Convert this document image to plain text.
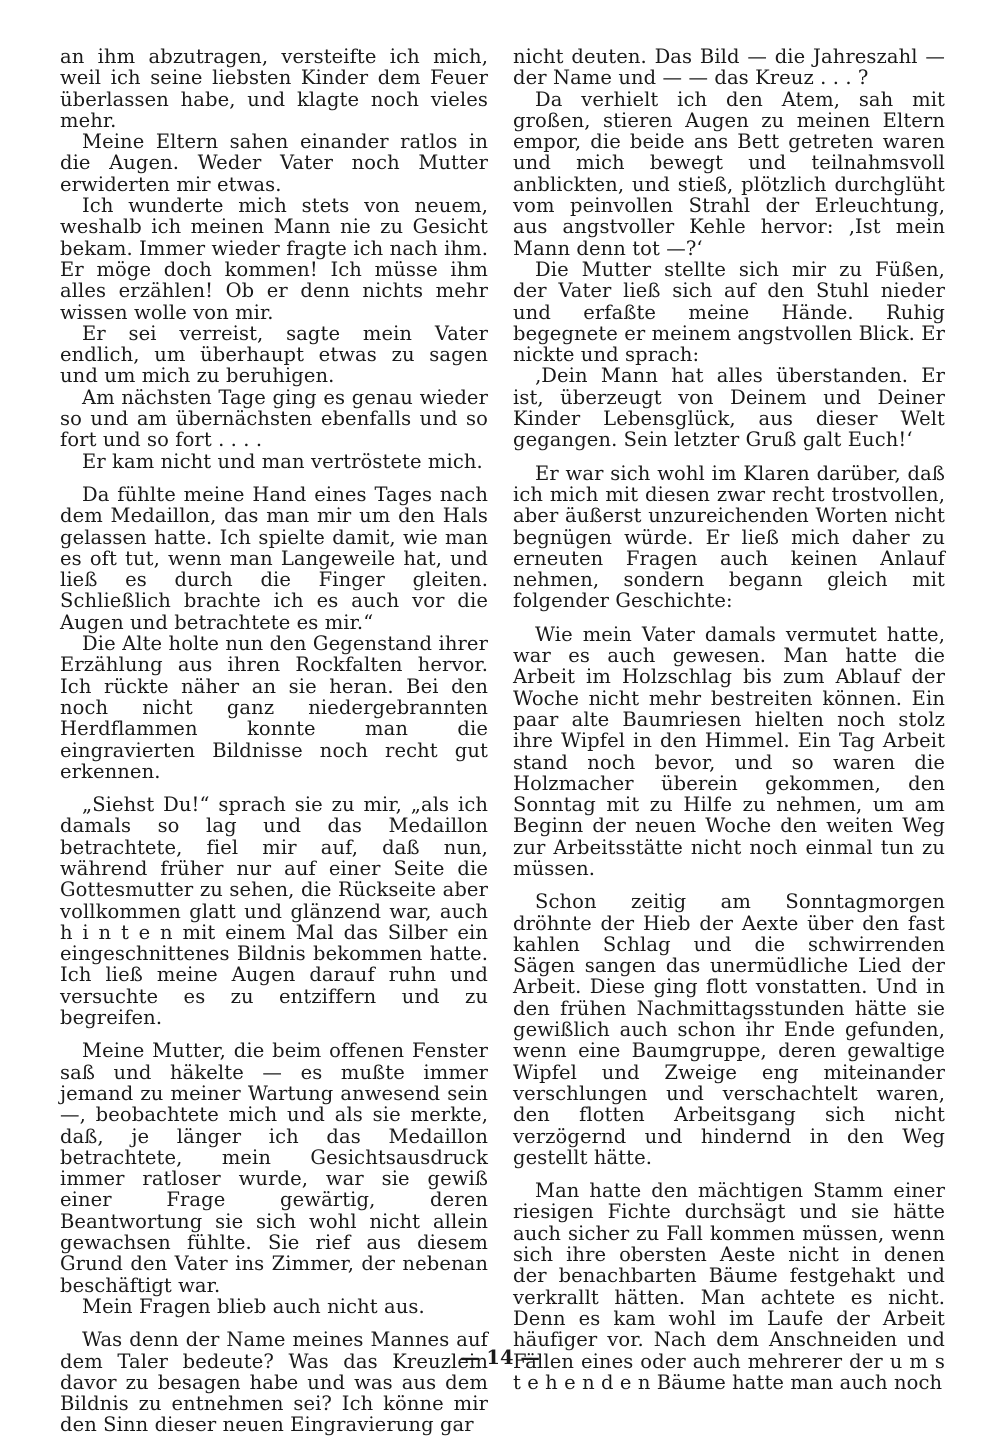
an ihm abzutragen, versteifte ich mich, weil ich seine liebsten Kinder dem Feuer überlassen habe, und klagte noch vieles mehr.

Meine Eltern sahen einander ratlos in die Augen. Weder Vater noch Mutter erwiderten mir etwas.

Ich wunderte mich stets von neuem, weshalb ich meinen Mann nie zu Gesicht bekam. Immer wieder fragte ich nach ihm. Er möge doch kommen! Ich müsse ihm alles erzählen! Ob er denn nichts mehr wissen wolle von mir.

Er sei verreist, sagte mein Vater endlich, um überhaupt etwas zu sagen und um mich zu beruhigen.

Am nächsten Tage ging es genau wieder so und am übernächsten ebenfalls und so fort und so fort . . . .

Er kam nicht und man vertröstete mich.

Da fühlte meine Hand eines Tages nach dem Medaillon, das man mir um den Hals gelassen hatte. Ich spielte damit, wie man es oft tut, wenn man Langeweile hat, und ließ es durch die Finger gleiten. Schließlich brachte ich es auch vor die Augen und betrachtete es mir.“

Die Alte holte nun den Gegenstand ihrer Erzählung aus ihren Rockfalten hervor. Ich rückte näher an sie heran. Bei den noch nicht ganz niedergebrannten Herdflammen konnte man die eingravierten Bildnisse noch recht gut erkennen.

„Siehst Du!“ sprach sie zu mir, „als ich damals so lag und das Medaillon betrachtete, fiel mir auf, daß nun, während früher nur auf einer Seite die Gottesmutter zu sehen, die Rückseite aber vollkommen glatt und glänzend war, auch h i n t e n mit einem Mal das Silber ein eingeschnittenes Bildnis bekommen hatte. Ich ließ meine Augen darauf ruhn und versuchte es zu entziffern und zu begreifen.

Meine Mutter, die beim offenen Fenster saß und häkelte — es mußte immer jemand zu meiner Wartung anwesend sein —, beobachtete mich und als sie merkte, daß, je länger ich das Medaillon betrachtete, mein Gesichtsausdruck immer ratloser wurde, war sie gewiß einer Frage gewärtig, deren Beantwortung sie sich wohl nicht allein gewachsen fühlte. Sie rief aus diesem Grund den Vater ins Zimmer, der nebenan beschäftigt war.

Mein Fragen blieb auch nicht aus.

Was denn der Name meines Mannes auf dem Taler bedeute? Was das Kreuzlein davor zu besagen habe und was aus dem Bildnis zu entnehmen sei? Ich könne mir den Sinn dieser neuen Eingravierung gar

nicht deuten. Das Bild — die Jahreszahl — der Name und — — das Kreuz . . . ?

Da verhielt ich den Atem, sah mit großen, stieren Augen zu meinen Eltern empor, die beide ans Bett getreten waren und mich bewegt und teilnahmsvoll anblickten, und stieß, plötzlich durchglüht vom peinvollen Strahl der Erleuchtung, aus angstvoller Kehle hervor: ‚Ist mein Mann denn tot —?‘

Die Mutter stellte sich mir zu Füßen, der Vater ließ sich auf den Stuhl nieder und erfaßte meine Hände. Ruhig begegnete er meinem angstvollen Blick. Er nickte und sprach:

‚Dein Mann hat alles überstanden. Er ist, überzeugt von Deinem und Deiner Kinder Lebensglück, aus dieser Welt gegangen. Sein letzter Gruß galt Euch!‘

Er war sich wohl im Klaren darüber, daß ich mich mit diesen zwar recht trostvollen, aber äußerst unzureichenden Worten nicht begnügen würde. Er ließ mich daher zu erneuten Fragen auch keinen Anlauf nehmen, sondern begann gleich mit folgender Geschichte:

Wie mein Vater damals vermutet hatte, war es auch gewesen. Man hatte die Arbeit im Holzschlag bis zum Ablauf der Woche nicht mehr bestreiten können. Ein paar alte Baumriesen hielten noch stolz ihre Wipfel in den Himmel. Ein Tag Arbeit stand noch bevor, und so waren die Holzmacher überein gekommen, den Sonntag mit zu Hilfe zu nehmen, um am Beginn der neuen Woche den weiten Weg zur Arbeitsstätte nicht noch einmal tun zu müssen.

Schon zeitig am Sonntagmorgen dröhnte der Hieb der Aexte über den fast kahlen Schlag und die schwirrenden Sägen sangen das unermüdliche Lied der Arbeit. Diese ging flott vonstatten. Und in den frühen Nachmittagsstunden hätte sie gewißlich auch schon ihr Ende gefunden, wenn eine Baumgruppe, deren gewaltige Wipfel und Zweige eng miteinander verschlungen und verschachtelt waren, den flotten Arbeitsgang sich nicht verzögernd und hindernd in den Weg gestellt hätte.

Man hatte den mächtigen Stamm einer riesigen Fichte durchsägt und sie hätte auch sicher zu Fall kommen müssen, wenn sich ihre obersten Aeste nicht in denen der benachbarten Bäume festgehakt und verkrallt hätten. Man achtete es nicht. Denn es kam wohl im Laufe der Arbeit häufiger vor. Nach dem Anschneiden und Fällen eines oder auch mehrerer der u m s t e h e n d e n Bäume hatte man auch noch

— 14 —
